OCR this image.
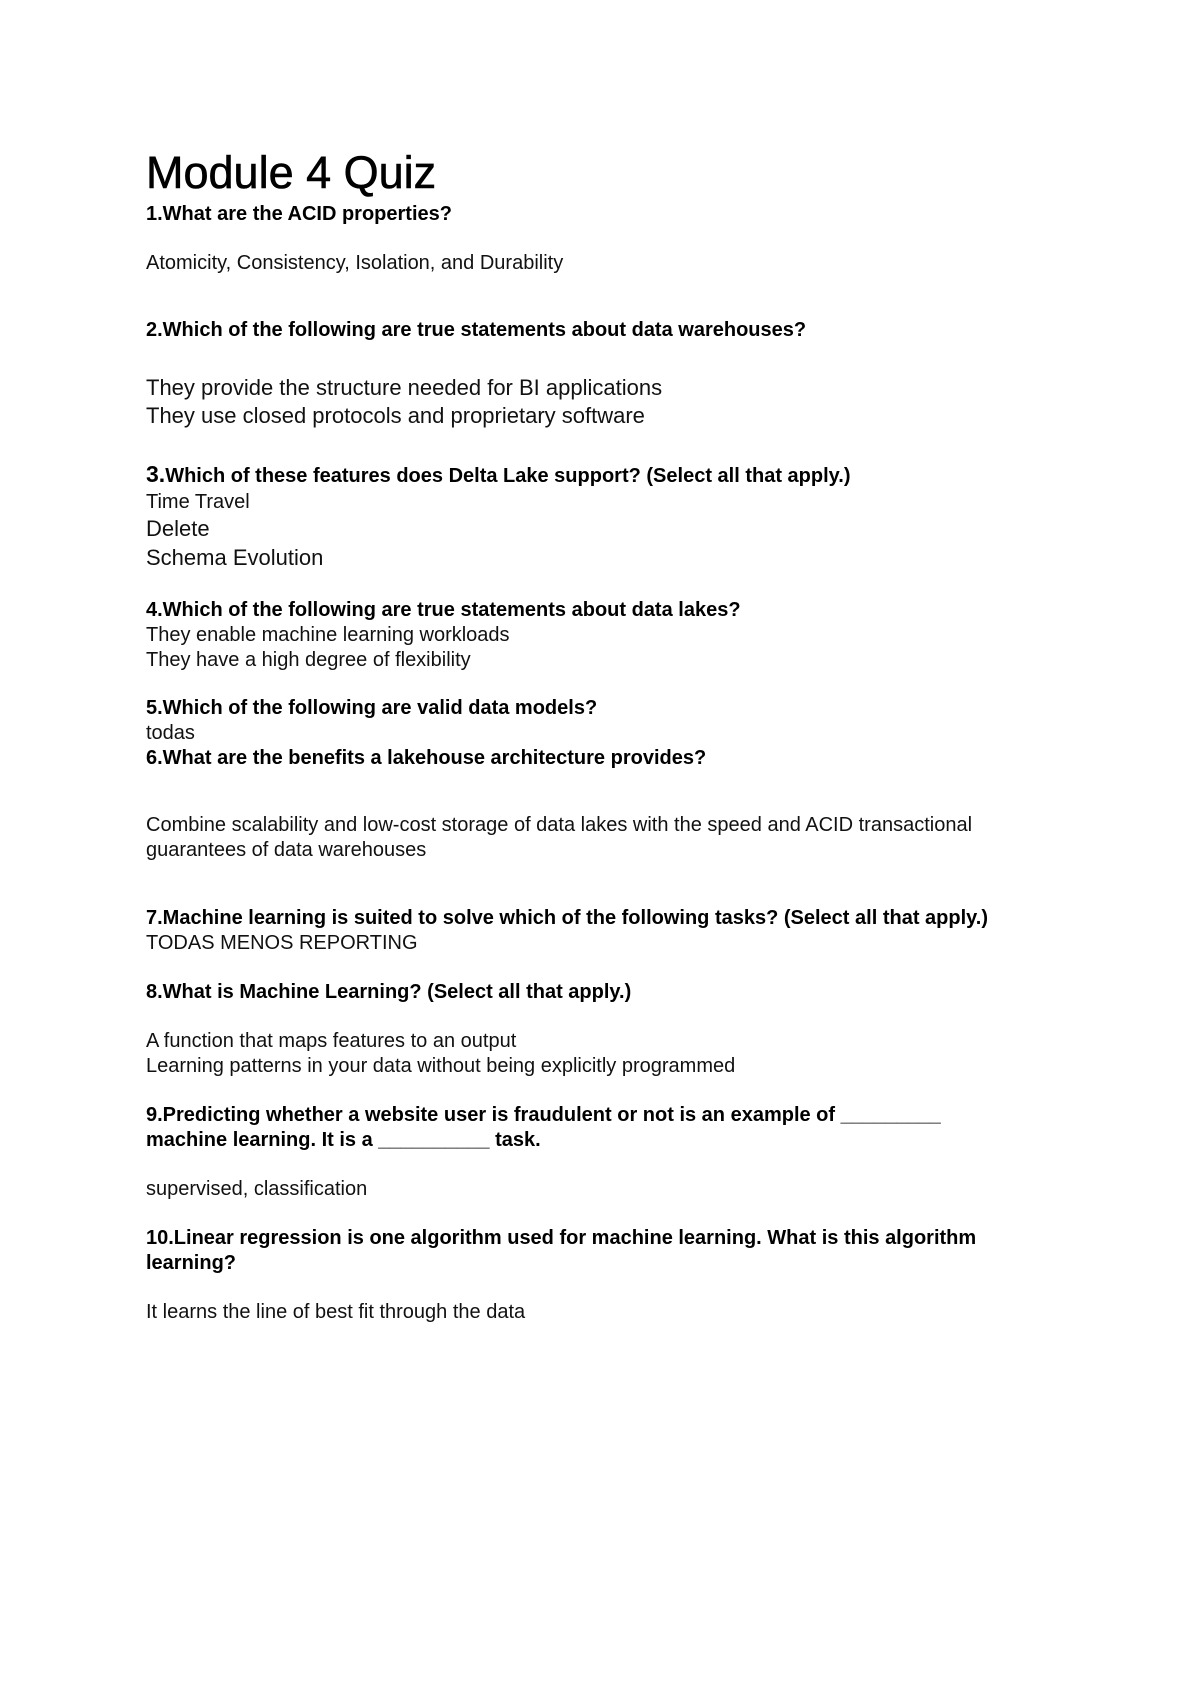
Module 4 Quiz

1.What are the ACID properties?

Atomicity, Consistency, Isolation, and Durability

2.Which of the following are true statements about data warehouses?

They provide the structure needed for BI applications

They use closed protocols and proprietary software

3.Which of these features does Delta Lake support? (Select all that apply.)

Time Travel

Delete

Schema Evolution

4.Which of the following are true statements about data lakes?

They enable machine learning workloads

They have a high degree of flexibility

5.Which of the following are valid data models?

todas

6.What are the benefits a lakehouse architecture provides?

Combine scalability and low-cost storage of data lakes with the speed and ACID transactional

guarantees of data warehouses

7.Machine learning is suited to solve which of the following tasks? (Select all that apply.)

TODAS MENOS REPORTING

8.What is Machine Learning? (Select all that apply.)

A function that maps features to an output

Learning patterns in your data without being explicitly programmed

9.Predicting whether a website user is fraudulent or not is an example of _________

machine learning. It is a __________ task.

supervised, classification

10.Linear regression is one algorithm used for machine learning. What is this algorithm

learning?

It learns the line of best fit through the data
